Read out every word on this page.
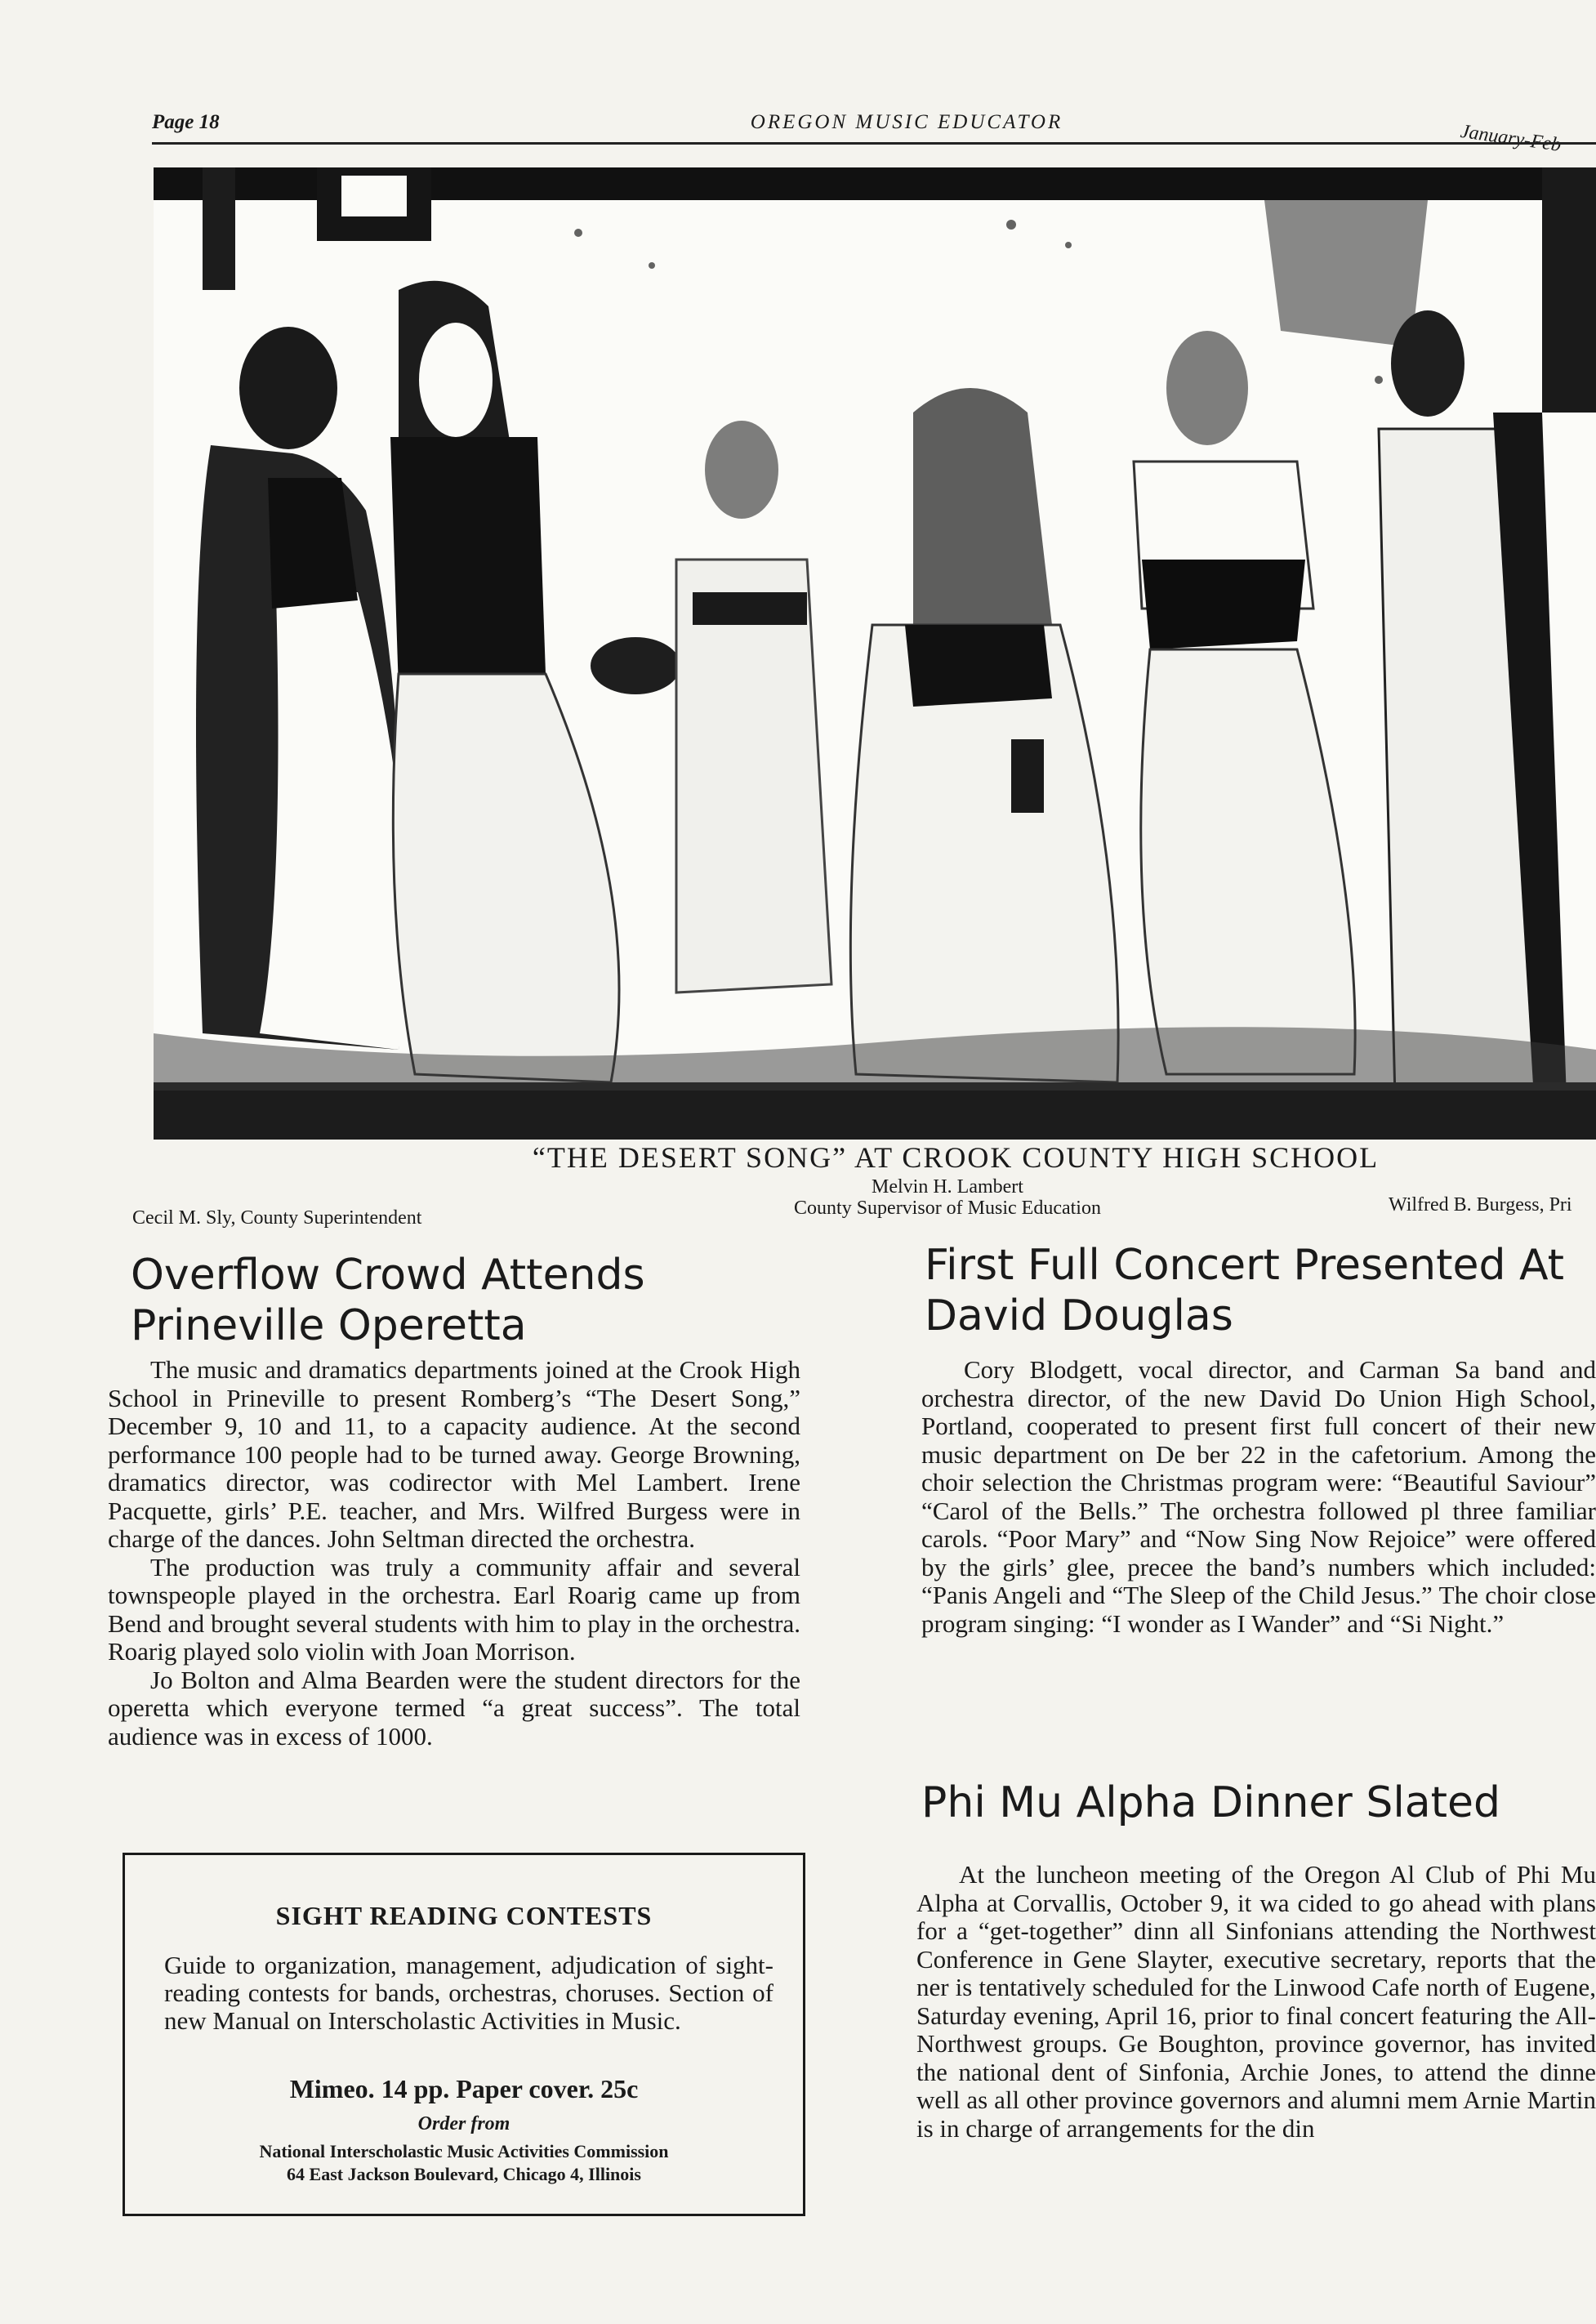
Page 18	OREGON MUSIC EDUCATOR	January-Feb
“THE DESERT SONG” AT CROOK COUNTY HIGH SCHOOL
Melvin H. Lambert
County Supervisor of Music Education
Cecil M. Sly, County Superintendent
Wilfred B. Burgess, Pri
Overflow Crowd Attends Prineville Operetta

The music and dramatics departments joined at the Crook High School in Prineville to present Romberg’s “The Desert Song,” December 9, 10 and 11, to a capacity audience. At the second performance 100 people had to be turned away. George Browning, dramatics director, was codirector with Mel Lambert. Irene Pacquette, girls’ P.E. teacher, and Mrs. Wilfred Burgess were in charge of the dances. John Seltman directed the orchestra.

The production was truly a community affair and several townspeople played in the orchestra. Earl Roarig came up from Bend and brought several students with him to play in the orchestra. Roarig played solo violin with Joan Morrison.

Jo Bolton and Alma Bearden were the student directors for the operetta which everyone termed “a great success”. The total audience was in excess of 1000.

SIGHT READING CONTESTS
Guide to organization, management, adjudication of sight-reading contests for bands, orchestras, choruses. Section of new Manual on Interscholastic Activities in Music.
Mimeo. 14 pp. Paper cover. 25c
Order from
National Interscholastic Music Activities Commission
64 East Jackson Boulevard, Chicago 4, Illinois
First Full Concert Presented At David Douglas

Cory Blodgett, vocal director, and Carman Sa band and orchestra director, of the new David Do Union High School, Portland, cooperated to present first full concert of their new music department on De ber 22 in the cafetorium. Among the choir selection the Christmas program were: “Beautiful Saviour” “Carol of the Bells.” The orchestra followed pl three familiar carols. “Poor Mary” and “Now Sing Now Rejoice” were offered by the girls’ glee, precee the band’s numbers which included: “Panis Angeli and “The Sleep of the Child Jesus.” The choir close program singing: “I wonder as I Wander” and “Si Night.”

Phi Mu Alpha Dinner Slated

At the luncheon meeting of the Oregon Al Club of Phi Mu Alpha at Corvallis, October 9, it wa cided to go ahead with plans for a “get-together” dinn all Sinfonians attending the Northwest Conference in Gene Slayter, executive secretary, reports that the ner is tentatively scheduled for the Linwood Cafe north of Eugene, Saturday evening, April 16, prior to final concert featuring the All-Northwest groups. Ge Boughton, province governor, has invited the national dent of Sinfonia, Archie Jones, to attend the dinne well as all other province governors and alumni mem Arnie Martin is in charge of arrangements for the din
